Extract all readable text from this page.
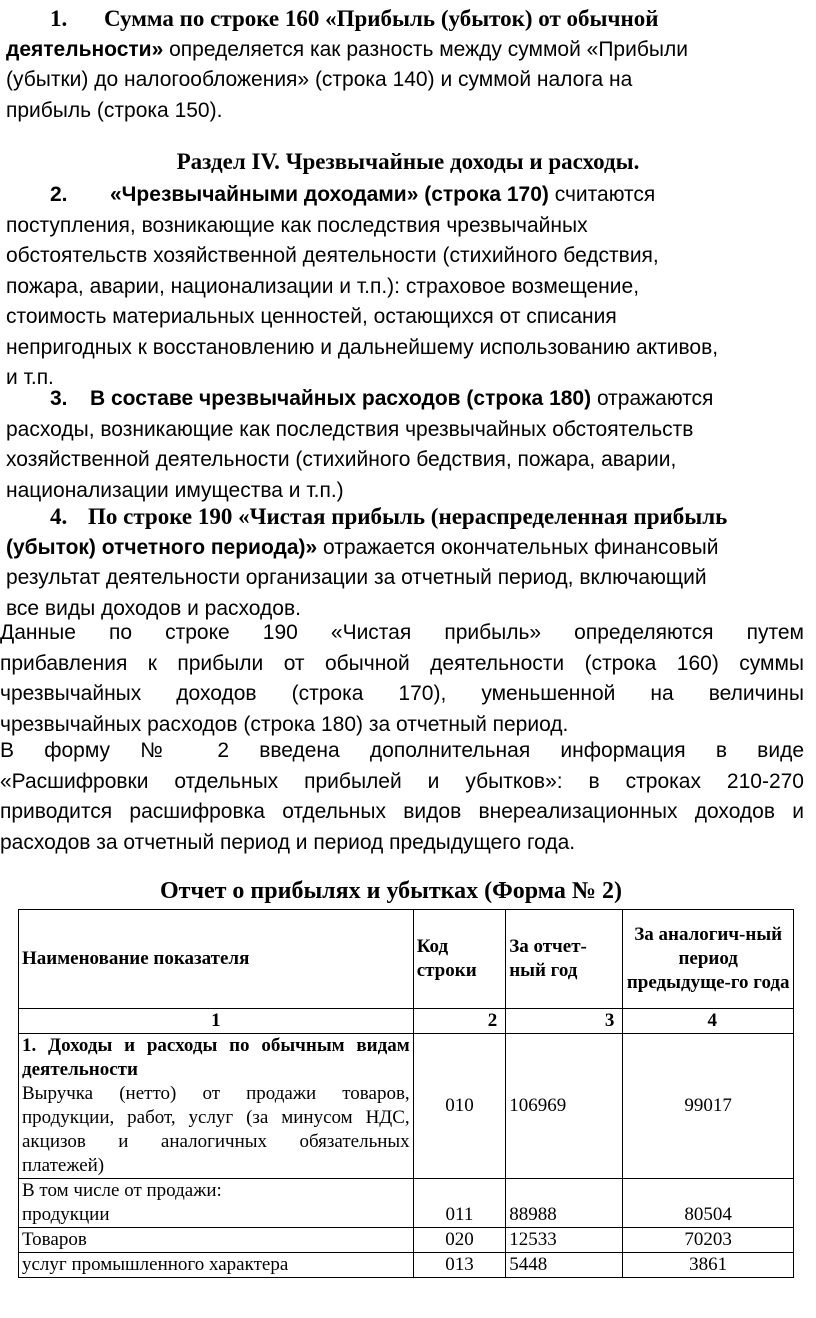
1. Сумма по строке 160 «Прибыль (убыток) от обычной
деятельности» определяется как разность между суммой «Прибыли
(убытки) до налогообложения» (строка 140) и суммой налога на
прибыль (строка 150).
Раздел IV. Чрезвычайные доходы и расходы.
2. «Чрезвычайными доходами» (строка 170) считаются
поступления, возникающие как последствия чрезвычайных
обстоятельств хозяйственной деятельности (стихийного бедствия,
пожара, аварии, национализации и т.п.): страховое возмещение,
стоимость материальных ценностей, остающихся от списания
непригодных к восстановлению и дальнейшему использованию активов,
и т.п.
3. В составе чрезвычайных расходов (строка 180) отражаются
расходы, возникающие как последствия чрезвычайных обстоятельств
хозяйственной деятельности (стихийного бедствия, пожара, аварии,
национализации имущества и т.п.)
4. По строке 190 «Чистая прибыль (нераспределенная прибыль
(убыток) отчетного периода)» отражается окончательных финансовый
результат деятельности организации за отчетный период, включающий
все виды доходов и расходов.
Данные по строке 190 «Чистая прибыль» определяются путем
прибавления к прибыли от обычной деятельности (строка 160) суммы
чрезвычайных доходов (строка 170), уменьшенной на величины
чрезвычайных расходов (строка 180) за отчетный период.
В форму № 2 введена дополнительная информация в виде
«Расшифровки отдельных прибылей и убытков»: в строках 210-270
приводится расшифровка отдельных видов внереализационных доходов и
расходов за отчетный период и период предыдущего года.
Отчет о прибылях и убытках (Форма № 2)
Наименование показателя	Код строки	За отчет-ный год	За аналогич-ный период предыдуще-го года
1	2	3	4

1. Доходы и расходы по обычным видам деятельности
Выручка (нетто) от продажи товаров, продукции, работ, услуг (за минусом НДС, акцизов и аналогичных обязательных платежей)	010	106969	99017

В том числе от продажи:
продукции	011	88988	80504
Товаров	020	12533	70203
услуг промышленного характера	013	5448	3861
